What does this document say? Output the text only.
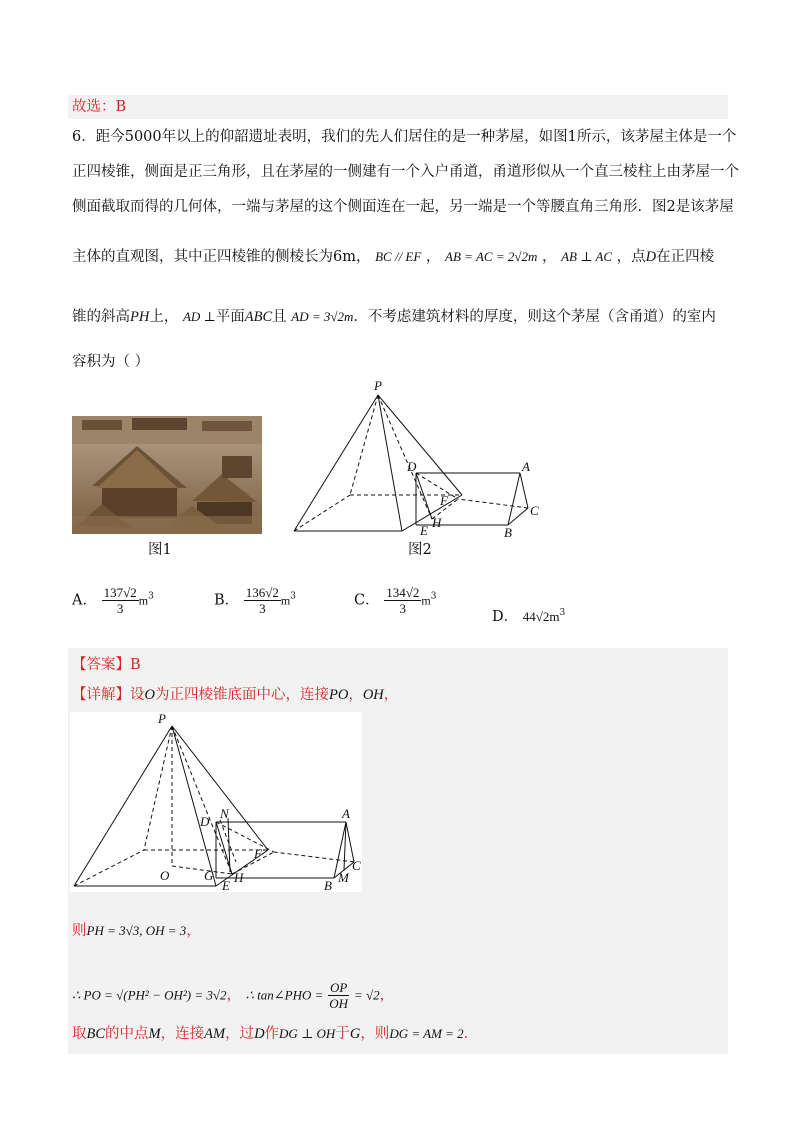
故选：B
6．距今5000年以上的仰韶遗址表明，我们的先人们居住的是一种茅屋，如图1所示，该茅屋主体是一个
正四棱锥，侧面是正三角形，且在茅屋的一侧建有一个入户甬道，甬道形似从一个直三棱柱上由茅屋一个
侧面截取而得的几何体，一端与茅屋的这个侧面连在一起，另一端是一个等腰直角三角形．图2是该茅屋
主体的直观图，其中正四棱锥的侧棱长为6m， BC // EF ， AB = AC = 2√2m ， AB ⊥ AC ，点D在正四棱
锥的斜高PH上， AD ⊥平面ABC且 AD = 3√2m．不考虑建筑材料的厚度，则这个茅屋（含甬道）的室内
容积为（ ）
图1
P
D	A
F
C
E
H
B
图2
A． $\frac{137√2}{3} m^3$	B． $\frac{136√2}{3} m^3$	C． $\frac{134√2}{3} m^3$
D． $44√2m^3$
【答案】B
【详解】设O为正四棱锥底面中心，连接PO，OH，
P
N
D
A
F
C
O	G
E
H
B
M
则PH = 3√3, OH = 3，
∴ PO = √(PH² − OH²) = 3√2， ∴ tan∠PHO = $\frac{OP}{OH} = √2$，
取BC的中点M，连接AM，过D作DG ⊥ OH于G，则DG = AM = 2．
